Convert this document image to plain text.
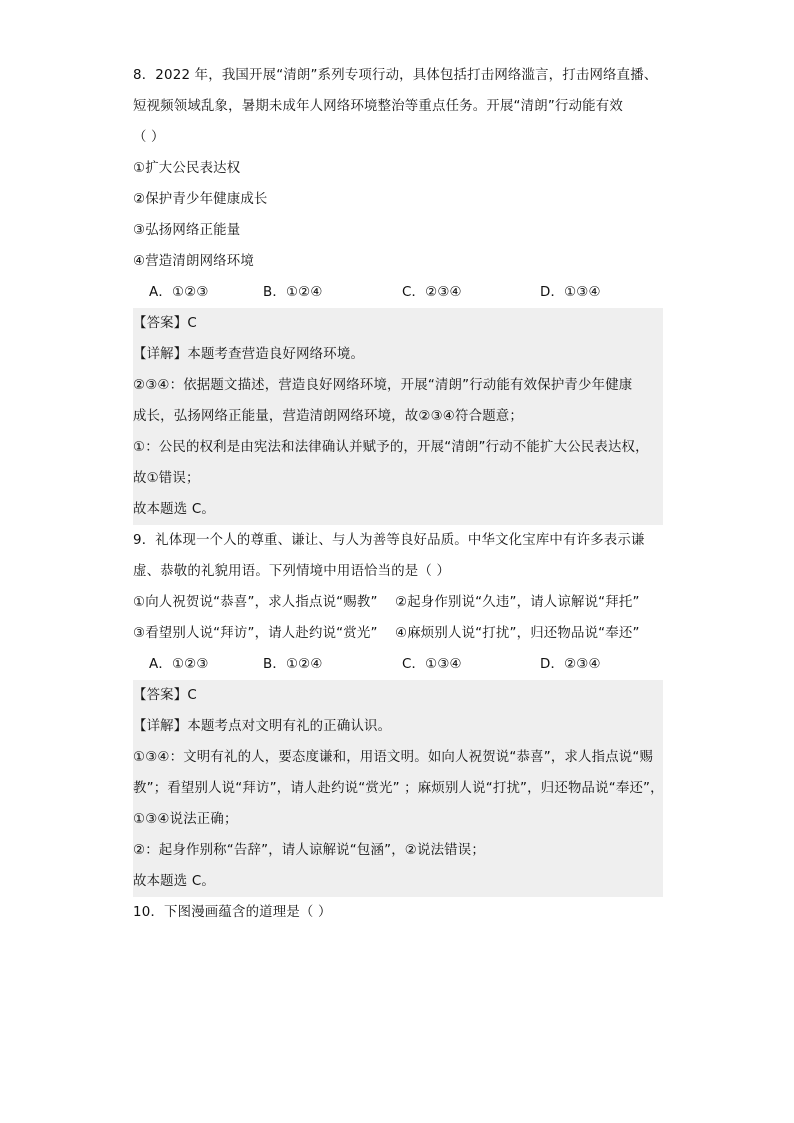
8．2022 年，我国开展“清朗”系列专项行动，具体包括打击网络滥言，打击网络直播、
短视频领域乱象，暑期未成年人网络环境整治等重点任务。开展“清朗”行动能有效
（ ）
①扩大公民表达权
②保护青少年健康成长
③弘扬网络正能量
④营造清朗网络环境
A．①②③	B．①②④	C．②③④	D．①③④
【答案】C
【详解】本题考查营造良好网络环境。
②③④：依据题文描述，营造良好网络环境，开展“清朗”行动能有效保护青少年健康
成长，弘扬网络正能量，营造清朗网络环境，故②③④符合题意；
①：公民的权利是由宪法和法律确认并赋予的，开展“清朗”行动不能扩大公民表达权，
故①错误；
故本题选 C。
9．礼体现一个人的尊重、谦让、与人为善等良好品质。中华文化宝库中有许多表示谦
虚、恭敬的礼貌用语。下列情境中用语恰当的是（ ）
①向人祝贺说“恭喜”，求人指点说“赐教” ②起身作别说“久违”，请人谅解说“拜托”
③看望别人说“拜访”，请人赴约说“赏光” ④麻烦别人说“打扰”，归还物品说“奉还”
A．①②③	B．①②④	C．①③④	D．②③④
【答案】C
【详解】本题考点对文明有礼的正确认识。
①③④：文明有礼的人，要态度谦和，用语文明。如向人祝贺说“恭喜”，求人指点说“赐
教”；看望别人说“拜访”，请人赴约说“赏光” ；麻烦别人说“打扰”，归还物品说“奉还”，
①③④说法正确；
②：起身作别称“告辞”，请人谅解说“包涵”，②说法错误；
故本题选 C。
10．下图漫画蕴含的道理是（ ）
